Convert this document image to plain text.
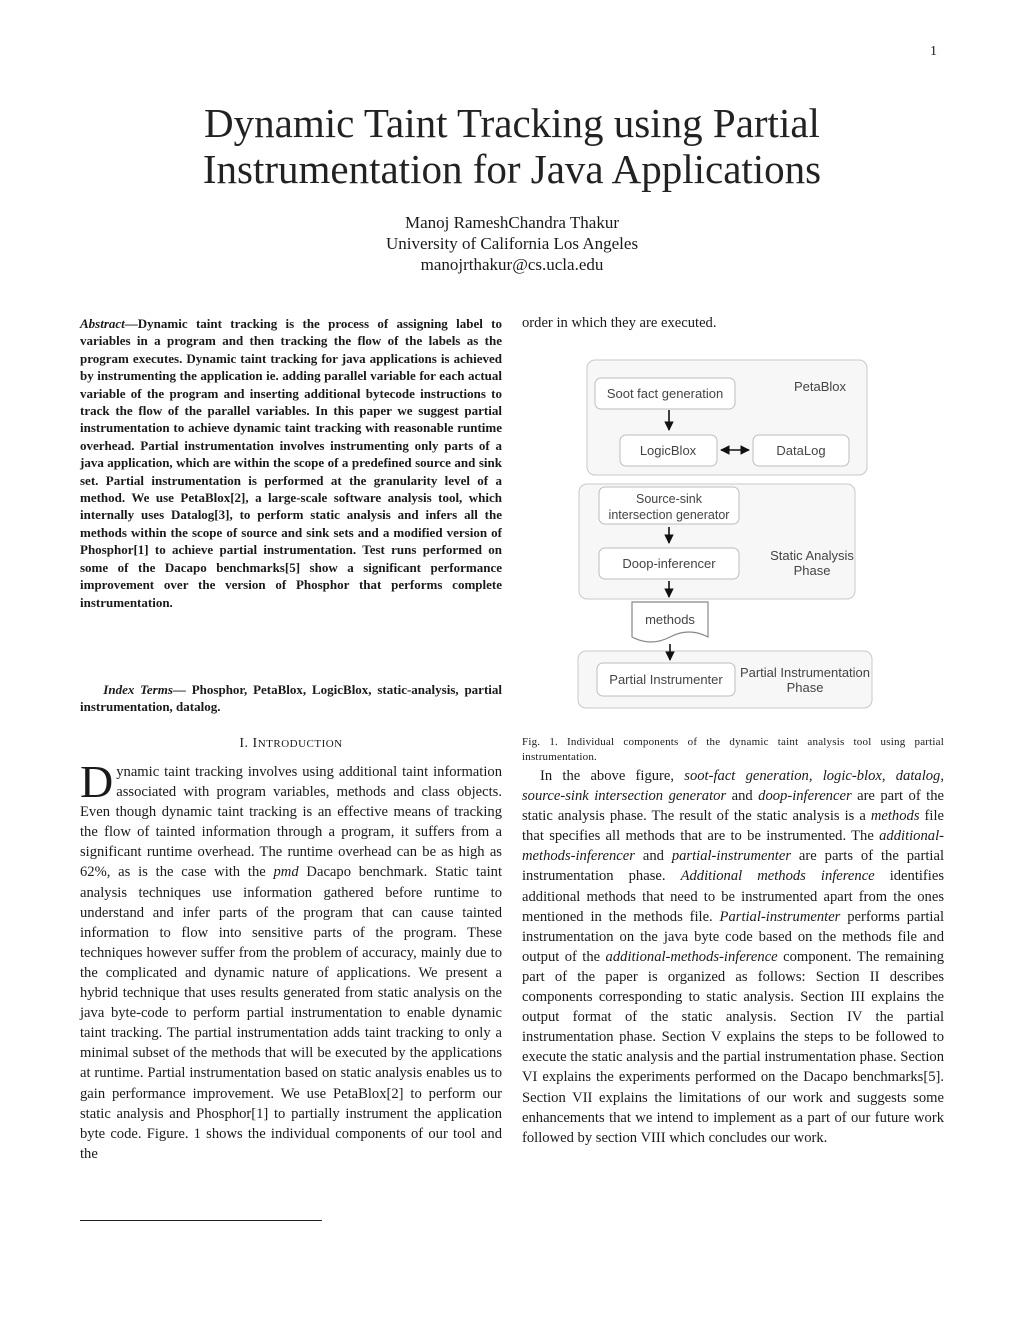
1
Dynamic Taint Tracking using Partial
Instrumentation for Java Applications
Manoj RameshChandra Thakur
University of California Los Angeles
manojrthakur@cs.ucla.edu
Abstract—Dynamic taint tracking is the process of assigning label to variables in a program and then tracking the flow of the labels as the program executes. Dynamic taint tracking for java applications is achieved by instrumenting the application ie. adding parallel variable for each actual variable of the program and inserting additional bytecode instructions to track the flow of the parallel variables. In this paper we suggest partial instrumentation to achieve dynamic taint tracking with reasonable runtime overhead. Partial instrumentation involves instrumenting only parts of a java application, which are within the scope of a predefined source and sink set. Partial instrumentation is performed at the granularity level of a method. We use PetaBlox[2], a large-scale software analysis tool, which internally uses Datalog[3], to perform static analysis and infers all the methods within the scope of source and sink sets and a modified version of Phosphor[1] to achieve partial instrumentation. Test runs performed on some of the Dacapo benchmarks[5] show a significant performance improvement over the version of Phosphor that performs complete instrumentation.
Index Terms— Phosphor, PetaBlox, LogicBlox, static-analysis, partial instrumentation, datalog.
I. INTRODUCTION
Dynamic taint tracking involves using additional taint information associated with program variables, methods and class objects. Even though dynamic taint tracking is an effective means of tracking the flow of tainted information through a program, it suffers from a significant runtime overhead. The runtime overhead can be as high as 62%, as is the case with the pmd Dacapo benchmark. Static taint analysis techniques use information gathered before runtime to understand and infer parts of the program that can cause tainted information to flow into sensitive parts of the program. These techniques however suffer from the problem of accuracy, mainly due to the complicated and dynamic nature of applications. We present a hybrid technique that uses results generated from static analysis on the java byte-code to perform partial instrumentation to enable dynamic taint tracking. The partial instrumentation adds taint tracking to only a minimal subset of the methods that will be executed by the applications at runtime. Partial instrumentation based on static analysis enables us to gain performance improvement. We use PetaBlox[2] to perform our static analysis and Phosphor[1] to partially instrument the application byte code. Figure. 1 shows the individual components of our tool and the
order in which they are executed.
Soot fact generation	PetaBlox
LogicBlox	DataLog
Source-sink
intersection generator
Doop-inferencer
Static Analysis
Phase
methods
Partial Instrumenter Partial Instrumentation
Phase
Fig. 1. Individual components of the dynamic taint analysis tool using partial instrumentation.
In the above figure, soot-fact generation, logic-blox, datalog, source-sink intersection generator and doop-inferencer are part of the static analysis phase. The result of the static analysis is a methods file that specifies all methods that are to be instrumented. The additional-methods-inferencer and partial-instrumenter are parts of the partial instrumentation phase. Additional methods inference identifies additional methods that need to be instrumented apart from the ones mentioned in the methods file. Partial-instrumenter performs partial instrumentation on the java byte code based on the methods file and output of the additional-methods-inference component. The remaining part of the paper is organized as follows: Section II describes components corresponding to static analysis. Section III explains the output format of the static analysis. Section IV the partial instrumentation phase. Section V explains the steps to be followed to execute the static analysis and the partial instrumentation phase. Section VI explains the experiments performed on the Dacapo benchmarks[5]. Section VII explains the limitations of our work and suggests some enhancements that we intend to implement as a part of our future work followed by section VIII which concludes our work.
